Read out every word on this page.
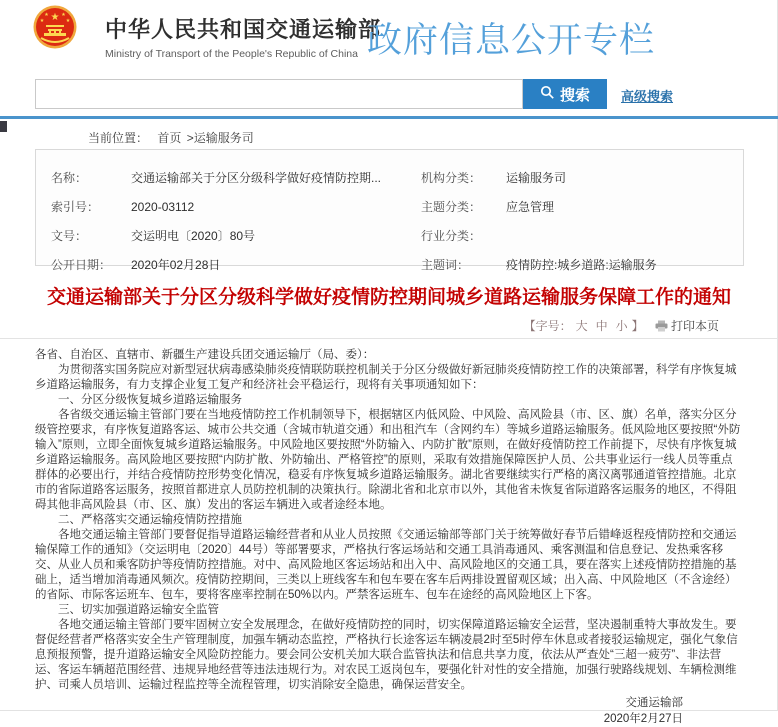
★
★	★
★	★ 中华人民共和国交通运输部
Ministry of Transport of the People's Republic of China 政府信息公开专栏
搜索 高级搜索
当前位置： 首页 >运输服务司
名称：	交通运输部关于分区分级科学做好疫情防控期...	机构分类：	运输服务司
索引号：	2020-03112	主题分类：	应急管理
文号：	交运明电〔2020〕80号	行业分类：
公开日期：	2020年02月28日	主题词：	疫情防控:城乡道路:运输服务
交通运输部关于分区分级科学做好疫情防控期间城乡道路运输服务保障工作的通知
【字号： 大 中 小 】 打印本页

各省、自治区、直辖市、新疆生产建设兵团交通运输厅（局、委）：

为贯彻落实国务院应对新型冠状病毒感染肺炎疫情联防联控机制关于分区分级做好新冠肺炎疫情防控工作的决策部署，科学有序恢复城乡道路运输服务，有力支撑企业复工复产和经济社会平稳运行，现将有关事项通知如下：

一、分区分级恢复城乡道路运输服务

各省级交通运输主管部门要在当地疫情防控工作机制领导下，根据辖区内低风险、中风险、高风险县（市、区、旗）名单，落实分区分级管控要求，有序恢复道路客运、城市公共交通（含城市轨道交通）和出租汽车（含网约车）等城乡道路运输服务。低风险地区要按照“外防输入”原则，立即全面恢复城乡道路运输服务。中风险地区要按照“外防输入、内防扩散”原则，在做好疫情防控工作前提下，尽快有序恢复城乡道路运输服务。高风险地区要按照“内防扩散、外防输出、严格管控”的原则，采取有效措施保障医护人员、公共事业运行一线人员等重点群体的必要出行，并结合疫情防控形势变化情况，稳妥有序恢复城乡道路运输服务。湖北省要继续实行严格的离汉离鄂通道管控措施。北京市的省际道路客运服务，按照首都进京人员防控机制的决策执行。除湖北省和北京市以外，其他省未恢复省际道路客运服务的地区，不得阻碍其他非高风险县（市、区、旗）发出的客运车辆进入或者途经本地。

二、严格落实交通运输疫情防控措施

各地交通运输主管部门要督促指导道路运输经营者和从业人员按照《交通运输部等部门关于统筹做好春节后错峰返程疫情防控和交通运输保障工作的通知》（交运明电〔2020〕44号）等部署要求，严格执行客运场站和交通工具消毒通风、乘客测温和信息登记、发热乘客移交、从业人员和乘客防护等疫情防控措施。对中、高风险地区客运场站和出入中、高风险地区的交通工具，要在落实上述疫情防控措施的基础上，适当增加消毒通风频次。疫情防控期间，三类以上班线客车和包车要在客车后两排设置留观区域；出入高、中风险地区（不含途经）的省际、市际客运班车、包车，要将客座率控制在50%以内。严禁客运班车、包车在途经的高风险地区上下客。

三、切实加强道路运输安全监管

各地交通运输主管部门要牢固树立安全发展理念，在做好疫情防控的同时，切实保障道路运输安全运营，坚决遏制重特大事故发生。要督促经营者严格落实安全生产管理制度，加强车辆动态监控，严格执行长途客运车辆凌晨2时至5时停车休息或者接驳运输规定，强化气象信息预报预警，提升道路运输安全风险防控能力。要会同公安机关加大联合监管执法和信息共享力度，依法从严查处“三超一疲劳”、非法营运、客运车辆超范围经营、违规异地经营等违法违规行为。对农民工返岗包车，要强化针对性的安全措施，加强行驶路线规划、车辆检测维护、司乘人员培训、运输过程监控等全流程管理，切实消除安全隐患，确保运营安全。

交通运输部
2020年2月27日
